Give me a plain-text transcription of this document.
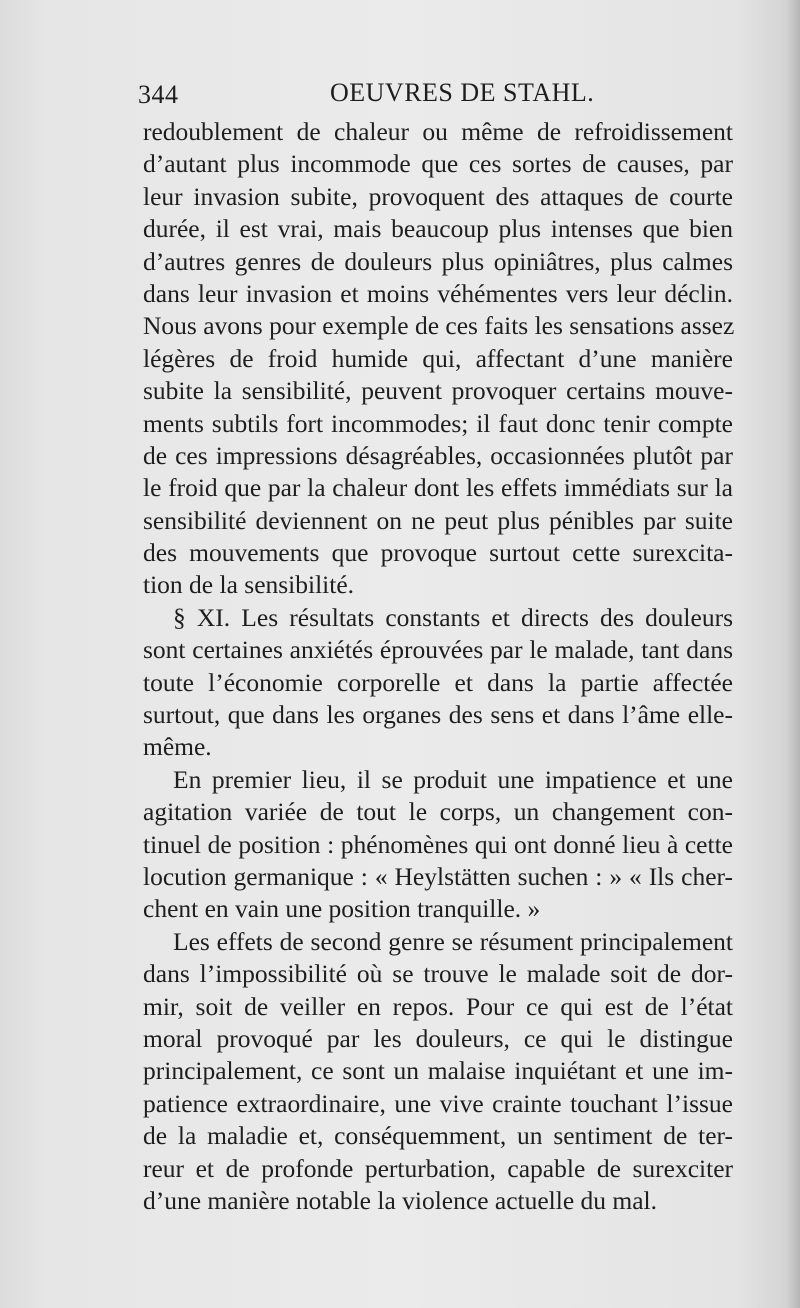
344	OEUVRES DE STAHL.
redoublement de chaleur ou même de refroidissement
d’autant plus incommode que ces sortes de causes, par
leur invasion subite, provoquent des attaques de courte
durée, il est vrai, mais beaucoup plus intenses que bien
d’autres genres de douleurs plus opiniâtres, plus calmes
dans leur invasion et moins véhémentes vers leur déclin.
Nous avons pour exemple de ces faits les sensations assez
légères de froid humide qui, affectant d’une manière
subite la sensibilité, peuvent provoquer certains mouve-
ments subtils fort incommodes; il faut donc tenir compte
de ces impressions désagréables, occasionnées plutôt par
le froid que par la chaleur dont les effets immédiats sur la
sensibilité deviennent on ne peut plus pénibles par suite
des mouvements que provoque surtout cette surexcita-
tion de la sensibilité.
§ XI. Les résultats constants et directs des douleurs
sont certaines anxiétés éprouvées par le malade, tant dans
toute l’économie corporelle et dans la partie affectée
surtout, que dans les organes des sens et dans l’âme elle-
même.
En premier lieu, il se produit une impatience et une
agitation variée de tout le corps, un changement con-
tinuel de position : phénomènes qui ont donné lieu à cette
locution germanique : « Heylstätten suchen : » « Ils cher-
chent en vain une position tranquille. »
Les effets de second genre se résument principalement
dans l’impossibilité où se trouve le malade soit de dor-
mir, soit de veiller en repos. Pour ce qui est de l’état
moral provoqué par les douleurs, ce qui le distingue
principalement, ce sont un malaise inquiétant et une im-
patience extraordinaire, une vive crainte touchant l’issue
de la maladie et, conséquemment, un sentiment de ter-
reur et de profonde perturbation, capable de surexciter
d’une manière notable la violence actuelle du mal.
